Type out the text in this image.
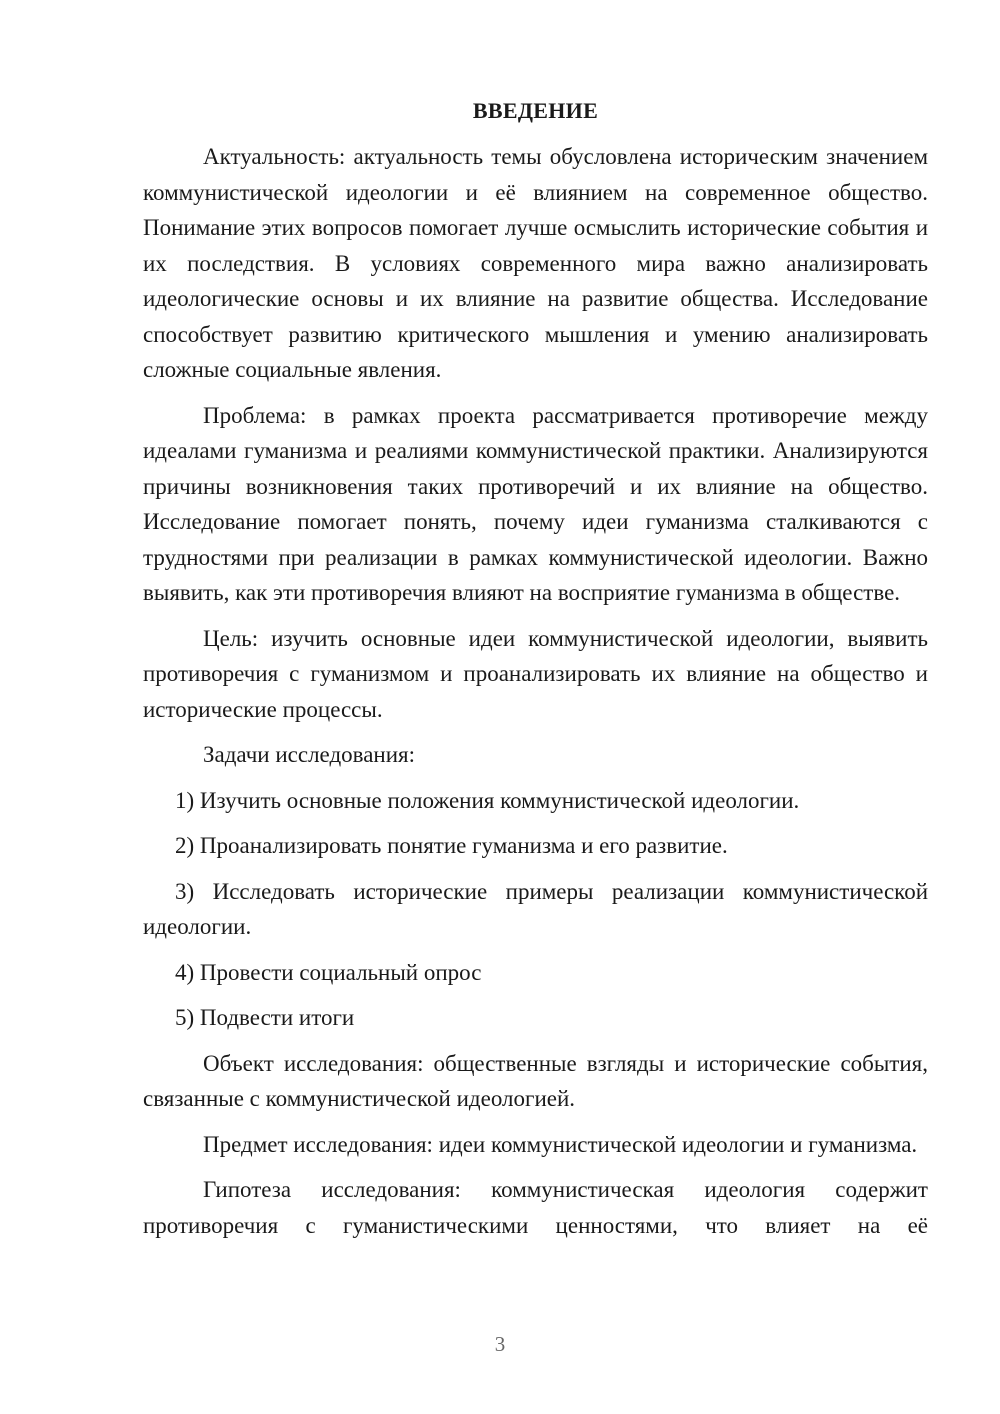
ВВЕДЕНИЕ

Актуальность: актуальность темы обусловлена историческим значением коммунистической идеологии и её влиянием на современное общество. Понимание этих вопросов помогает лучше осмыслить исторические события и их последствия. В условиях современного мира важно анализировать идеологические основы и их влияние на развитие общества. Исследование способствует развитию критического мышления и умению анализировать сложные социальные явления.

Проблема: в рамках проекта рассматривается противоречие между идеалами гуманизма и реалиями коммунистической практики. Анализируются причины возникновения таких противоречий и их влияние на общество. Исследование помогает понять, почему идеи гуманизма сталкиваются с трудностями при реализации в рамках коммунистической идеологии. Важно выявить, как эти противоречия влияют на восприятие гуманизма в обществе.

Цель: изучить основные идеи коммунистической идеологии, выявить противоречия с гуманизмом и проанализировать их влияние на общество и исторические процессы.

Задачи исследования:

1) Изучить основные положения коммунистической идеологии.

2) Проанализировать понятие гуманизма и его развитие.

3) Исследовать исторические примеры реализации коммунистической идеологии.

4) Провести социальный опрос

5) Подвести итоги

Объект исследования: общественные взгляды и исторические события, связанные с коммунистической идеологией.

Предмет исследования: идеи коммунистической идеологии и гуманизма.

Гипотеза исследования: коммунистическая идеология содержит противоречия с гуманистическими ценностями, что влияет на её

3
